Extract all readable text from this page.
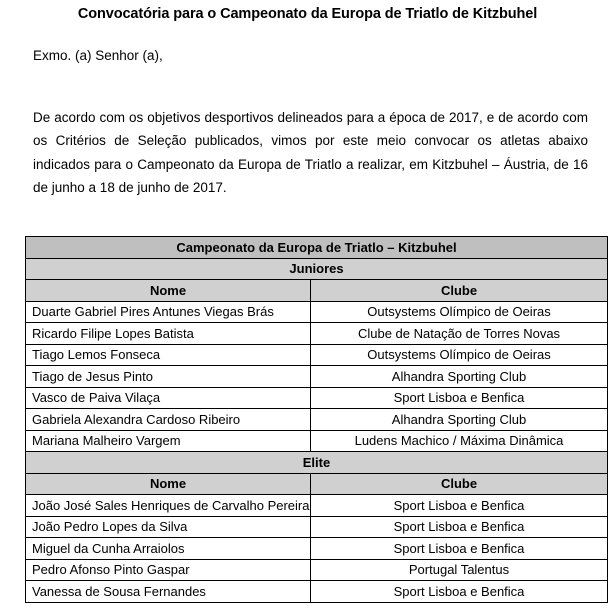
Convocatória para o Campeonato da Europa de Triatlo de Kitzbuhel
Exmo. (a) Senhor (a),

De acordo com os objetivos desportivos delineados para a época de 2017, e de acordo com os Critérios de Seleção publicados, vimos por este meio convocar os atletas abaixo indicados para o Campeonato da Europa de Triatlo a realizar, em Kitzbuhel – Áustria, de 16 de junho a 18 de junho de 2017.

Campeonato da Europa de Triatlo – Kitzbuhel	
Juniores	
Nome	Clube
Duarte Gabriel Pires Antunes Viegas Brás	Outsystems Olímpico de Oeiras
Ricardo Filipe Lopes Batista	Clube de Natação de Torres Novas
Tiago Lemos Fonseca	Outsystems Olímpico de Oeiras
Tiago de Jesus Pinto	Alhandra Sporting Club
Vasco de Paiva Vilaça	Sport Lisboa e Benfica
Gabriela Alexandra Cardoso Ribeiro	Alhandra Sporting Club
Mariana Malheiro Vargem	Ludens Machico / Máxima Dinâmica
Elite	
Nome	Clube
João José Sales Henriques de Carvalho Pereira	Sport Lisboa e Benfica
João Pedro Lopes da Silva	Sport Lisboa e Benfica
Miguel da Cunha Arraiolos	Sport Lisboa e Benfica
Pedro Afonso Pinto Gaspar	Portugal Talentus
Vanessa de Sousa Fernandes	Sport Lisboa e Benfica
